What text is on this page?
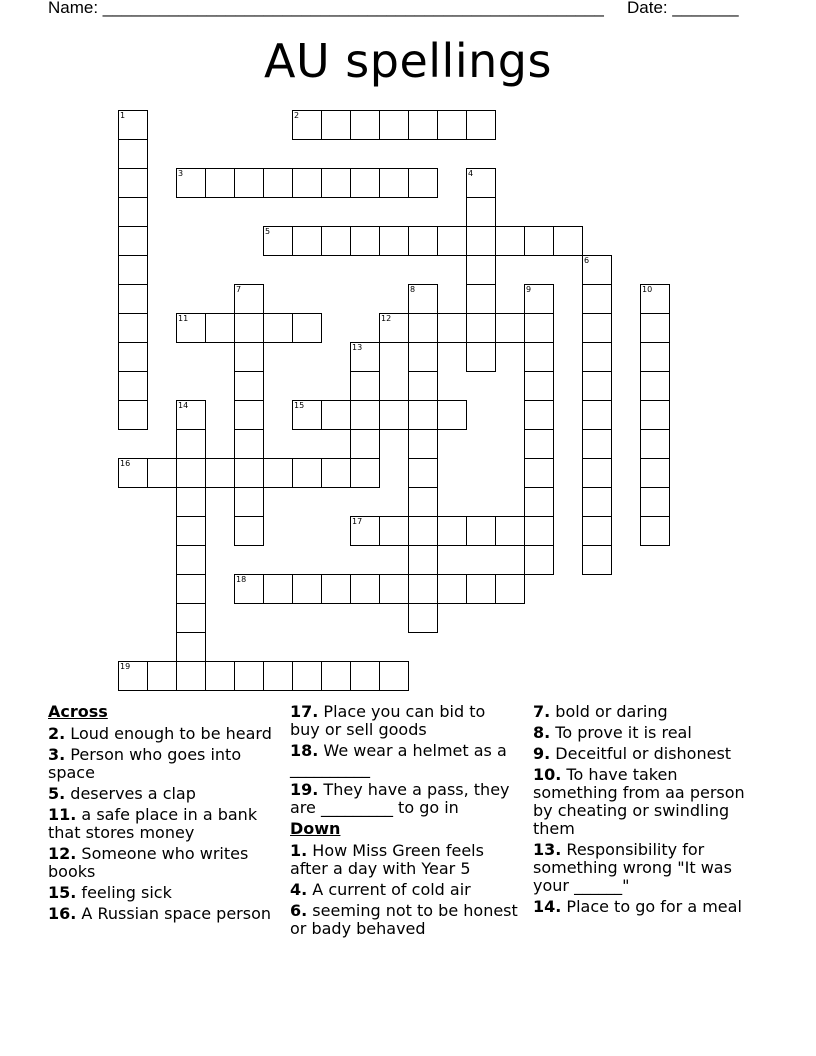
Name: _____________________________________________________ Date: _______
AU spellings
1	2
3	4
5
6
7	8	9	10
11	12
13
14	15
16
17
18
19
Across
2. Loud enough to be heard
3. Person who goes into space
5. deserves a clap
11. a safe place in a bank that stores money
12. Someone who writes books
15. feeling sick
16. A Russian space person
17. Place you can bid to buy or sell goods
18. We wear a helmet as a __________
19. They have a pass, they are _________ to go in
Down
1. How Miss Green feels after a day with Year 5
4. A current of cold air
6. seeming not to be honest or bady behaved
7. bold or daring
8. To prove it is real
9. Deceitful or dishonest
10. To have taken something from aa person by cheating or swindling them
13. Responsibility for something wrong "It was your ______"
14. Place to go for a meal
